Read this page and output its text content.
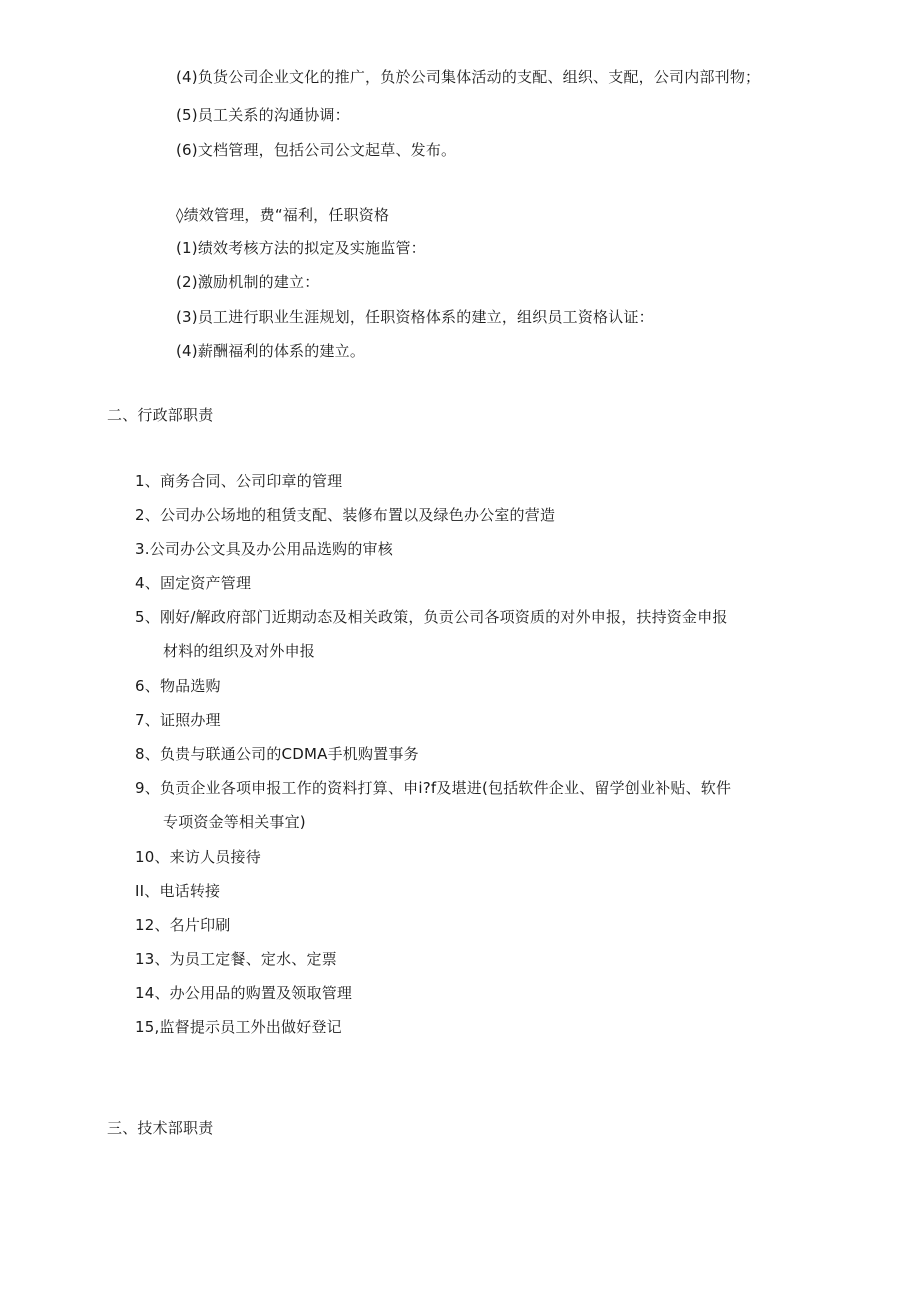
(4)负货公司企业文化的推广，负於公司集体活动的支配、组织、支配，公司内部刊物；
(5)员工关系的沟通协调：
(6)文档管理，包括公司公文起草、发布。
◊绩效管理，费“福利，任职资格
(1)绩效考核方法的拟定及实施监管：
(2)激励机制的建立：
(3)员工进行职业生涯规划，任职资格体系的建立，组织员工资格认证：
(4)薪酬福利的体系的建立。
二、行政部职责
1、商务合同、公司印章的管理
2、公司办公场地的租赁支配、装修布置以及绿色办公室的营造
3.公司办公文具及办公用品选购的审核
4、固定资产管理
5、刚好/解政府部门近期动态及相关政策，负贡公司各项资质的对外申报，扶持资金申报
材料的组织及对外申报
6、物品选购
7、证照办理
8、负贵与联通公司的CDMA手机购置事务
9、负贡企业各项申报工作的资料打算、申i?f及堪进(包括软件企业、留学创业补贴、软件
专项资金等相关事宜)
10、来访人员接待
II、电话转接
12、名片印刷
13、为员工定餐、定水、定票
14、办公用品的购置及领取管理
15,监督提示员工外出做好登记
三、技术部职责
